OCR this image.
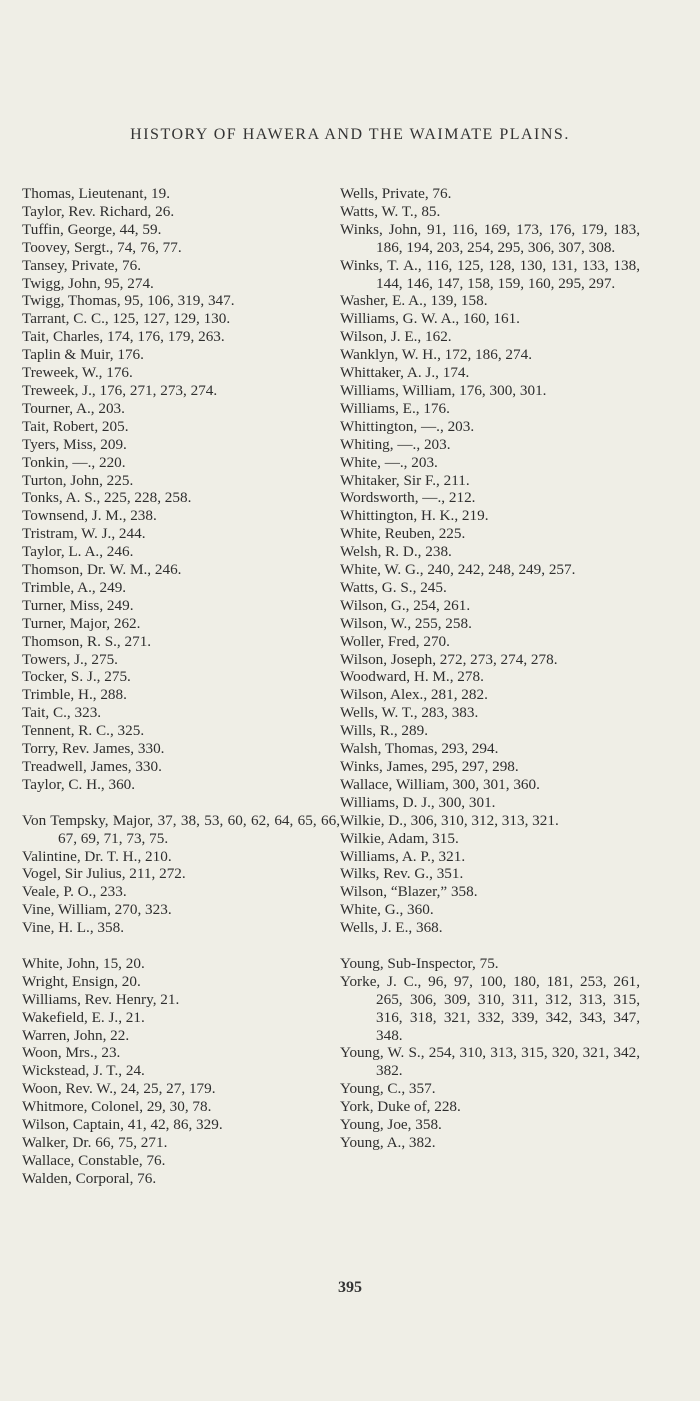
HISTORY OF HAWERA AND THE WAIMATE PLAINS.
Thomas, Lieutenant, 19.
Taylor, Rev. Richard, 26.
Tuffin, George, 44, 59.
Toovey, Sergt., 74, 76, 77.
Tansey, Private, 76.
Twigg, John, 95, 274.
Twigg, Thomas, 95, 106, 319, 347.
Tarrant, C. C., 125, 127, 129, 130.
Tait, Charles, 174, 176, 179, 263.
Taplin & Muir, 176.
Treweek, W., 176.
Treweek, J., 176, 271, 273, 274.
Tourner, A., 203.
Tait, Robert, 205.
Tyers, Miss, 209.
Tonkin, —., 220.
Turton, John, 225.
Tonks, A. S., 225, 228, 258.
Townsend, J. M., 238.
Tristram, W. J., 244.
Taylor, L. A., 246.
Thomson, Dr. W. M., 246.
Trimble, A., 249.
Turner, Miss, 249.
Turner, Major, 262.
Thomson, R. S., 271.
Towers, J., 275.
Tocker, S. J., 275.
Trimble, H., 288.
Tait, C., 323.
Tennent, R. C., 325.
Torry, Rev. James, 330.
Treadwell, James, 330.
Taylor, C. H., 360.
Von Tempsky, Major, 37, 38, 53, 60, 62, 64, 65, 66, 67, 69, 71, 73, 75.
Valintine, Dr. T. H., 210.
Vogel, Sir Julius, 211, 272.
Veale, P. O., 233.
Vine, William, 270, 323.
Vine, H. L., 358.
White, John, 15, 20.
Wright, Ensign, 20.
Williams, Rev. Henry, 21.
Wakefield, E. J., 21.
Warren, John, 22.
Woon, Mrs., 23.
Wickstead, J. T., 24.
Woon, Rev. W., 24, 25, 27, 179.
Whitmore, Colonel, 29, 30, 78.
Wilson, Captain, 41, 42, 86, 329.
Walker, Dr. 66, 75, 271.
Wallace, Constable, 76.
Walden, Corporal, 76.
Wells, Private, 76.
Watts, W. T., 85.
Winks, John, 91, 116, 169, 173, 176, 179, 183, 186, 194, 203, 254, 295, 306, 307, 308.
Winks, T. A., 116, 125, 128, 130, 131, 133, 138, 144, 146, 147, 158, 159, 160, 295, 297.
Washer, E. A., 139, 158.
Williams, G. W. A., 160, 161.
Wilson, J. E., 162.
Wanklyn, W. H., 172, 186, 274.
Whittaker, A. J., 174.
Williams, William, 176, 300, 301.
Williams, E., 176.
Whittington, —., 203.
Whiting, —., 203.
White, —., 203.
Whitaker, Sir F., 211.
Wordsworth, —., 212.
Whittington, H. K., 219.
White, Reuben, 225.
Welsh, R. D., 238.
White, W. G., 240, 242, 248, 249, 257.
Watts, G. S., 245.
Wilson, G., 254, 261.
Wilson, W., 255, 258.
Woller, Fred, 270.
Wilson, Joseph, 272, 273, 274, 278.
Woodward, H. M., 278.
Wilson, Alex., 281, 282.
Wells, W. T., 283, 383.
Wills, R., 289.
Walsh, Thomas, 293, 294.
Winks, James, 295, 297, 298.
Wallace, William, 300, 301, 360.
Williams, D. J., 300, 301.
Wilkie, D., 306, 310, 312, 313, 321.
Wilkie, Adam, 315.
Williams, A. P., 321.
Wilks, Rev. G., 351.
Wilson, “Blazer,” 358.
White, G., 360.
Wells, J. E., 368.
Young, Sub-Inspector, 75.
Yorke, J. C., 96, 97, 100, 180, 181, 253, 261, 265, 306, 309, 310, 311, 312, 313, 315, 316, 318, 321, 332, 339, 342, 343, 347, 348.
Young, W. S., 254, 310, 313, 315, 320, 321, 342, 382.
Young, C., 357.
York, Duke of, 228.
Young, Joe, 358.
Young, A., 382.
395
